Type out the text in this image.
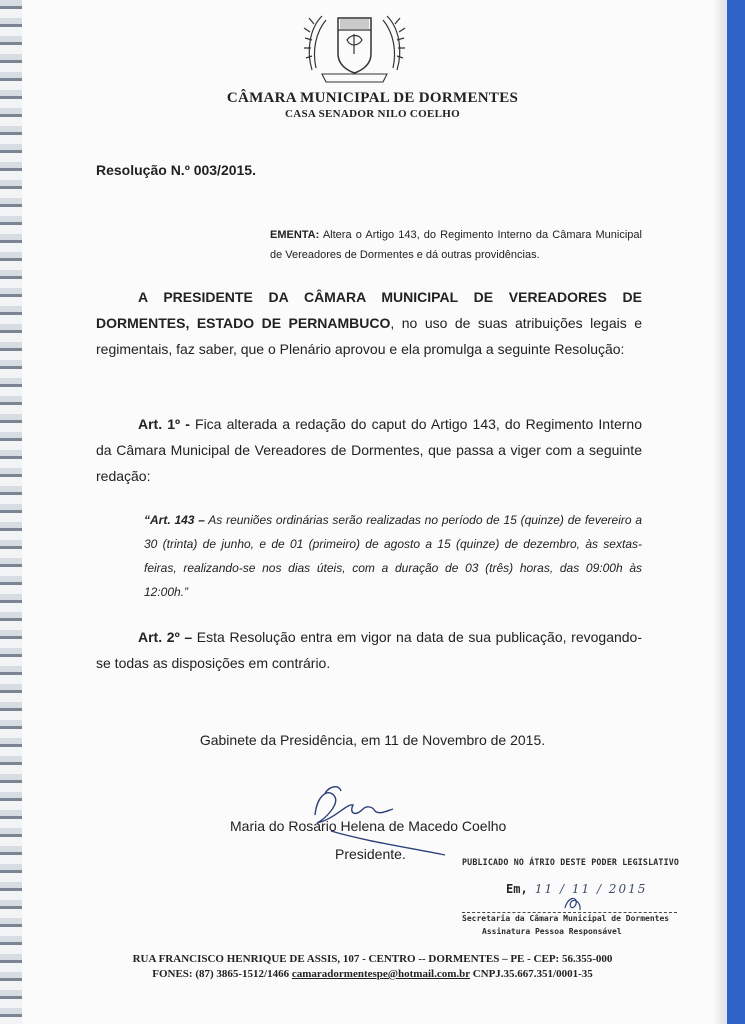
CÂMARA MUNICIPAL DE DORMENTES
CASA SENADOR NILO COELHO
Resolução N.º 003/2015.
EMENTA: Altera o Artigo 143, do Regimento Interno da Câmara Municipal de Vereadores de Dormentes e dá outras providências.
A PRESIDENTE DA CÂMARA MUNICIPAL DE VEREADORES DE DORMENTES, ESTADO DE PERNAMBUCO, no uso de suas atribuições legais e regimentais, faz saber, que o Plenário aprovou e ela promulga a seguinte Resolução:
Art. 1º - Fica alterada a redação do caput do Artigo 143, do Regimento Interno da Câmara Municipal de Vereadores de Dormentes, que passa a viger com a seguinte redação:
“Art. 143 – As reuniões ordinárias serão realizadas no período de 15 (quinze) de fevereiro a 30 (trinta) de junho, e de 01 (primeiro) de agosto a 15 (quinze) de dezembro, às sextas-feiras, realizando-se nos dias úteis, com a duração de 03 (três) horas, das 09:00h às 12:00h.”
Art. 2º – Esta Resolução entra em vigor na data de sua publicação, revogando-se todas as disposições em contrário.
Gabinete da Presidência, em 11 de Novembro de 2015.
Maria do Rosario Helena de Macedo Coelho
Presidente.
PUBLICADO NO ÁTRIO DESTE PODER LEGISLATIVO
Em, 11 / 11 / 2015
Secretaria da Câmara Municipal de Dormentes
Assinatura Pessoa Responsável
RUA FRANCISCO HENRIQUE DE ASSIS, 107 - CENTRO -- DORMENTES – PE - CEP: 56.355-000
FONES: (87) 3865-1512/1466 camaradormentespe@hotmail.com.br CNPJ.35.667.351/0001-35
